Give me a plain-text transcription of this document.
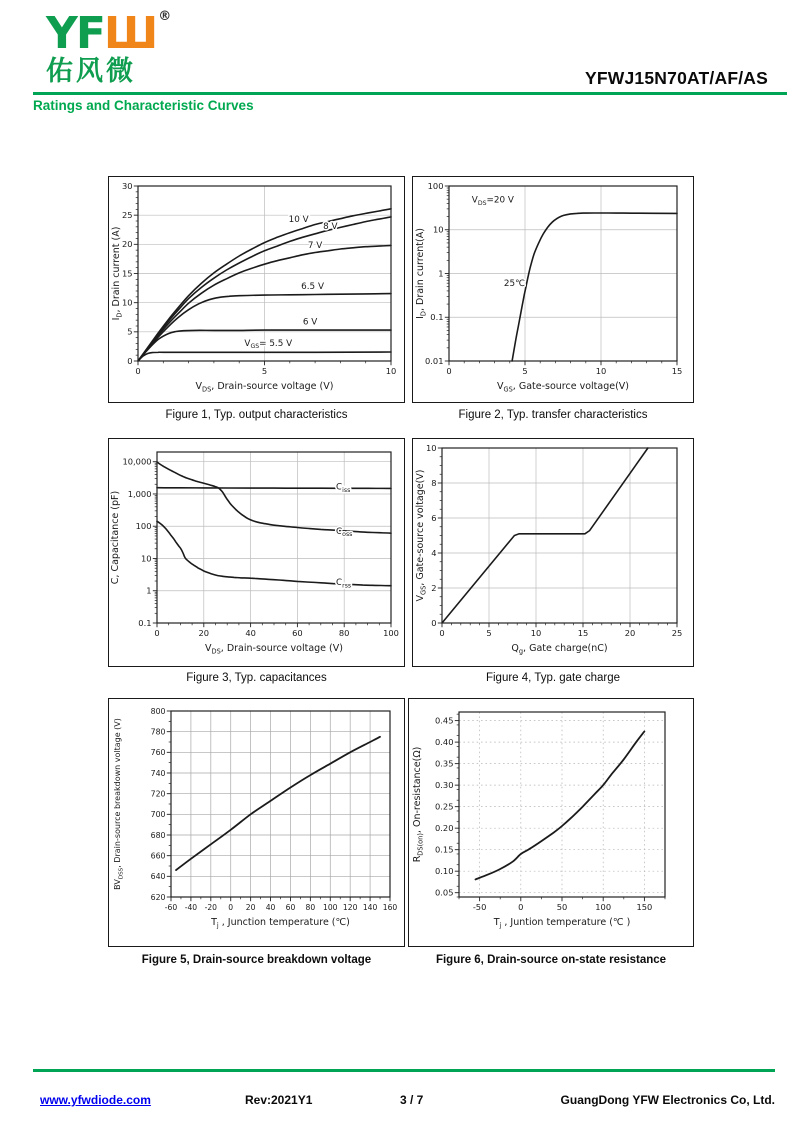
YFШ ®
佑风微	YFWJ15N70AT/AF/AS
Ratings and Characteristic Curves
0	5	10
0
5
10
15
20
25
30
10 V
8 V
7 V
6.5 V
6 V
$V_{GS}= 5.5$ V
$V_{DS}$, Drain-source voltage (V)
$I_D$, Drain current (A)
0	5	10	15
100
10
1
0.1
0.01
$V_{DS}=20$ V
25℃
$V_{GS}$, Gate-source voltage(V)
$I_D$, Drain current(A)
0	20	40	60	80	100
10,000
1,000
100
10
1
0.1
$C_{iss}$
$C_{oss}$
$C_{rss}$
$V_{DS}$, Drain-source voltage (V)
C, Capacitance (pF)
0	5	10	15	20	25
0
2
4
6
8
10
$Q_g$, Gate charge(nC)
$V_{GS}$, Gate-source voltage(V)
-60 -40 -20 0 20 40 60 80 100 120 140 160
620
640
660
680
700
720
740
760
780
800
$T_j$ , Junction temperature (℃)
$BV_{DSS}$, Drain-source breakdown voltage (V)
-50	0	50	100	150
0.05
0.10
0.15
0.20
0.25
0.30
0.35
0.40
0.45
$T_j$ , Juntion temperature (℃ )
$R_{DS(on)}$, On-resistance(Ω)
Figure 1, Typ. output characteristics	Figure 2, Typ. transfer characteristics
Figure 3, Typ. capacitances	Figure 4, Typ. gate charge
Figure 5, Drain-source breakdown voltage	Figure 6, Drain-source on-state resistance
www.yfwdiode.com	Rev:2021Y1	3 / 7	GuangDong YFW Electronics Co, Ltd.
